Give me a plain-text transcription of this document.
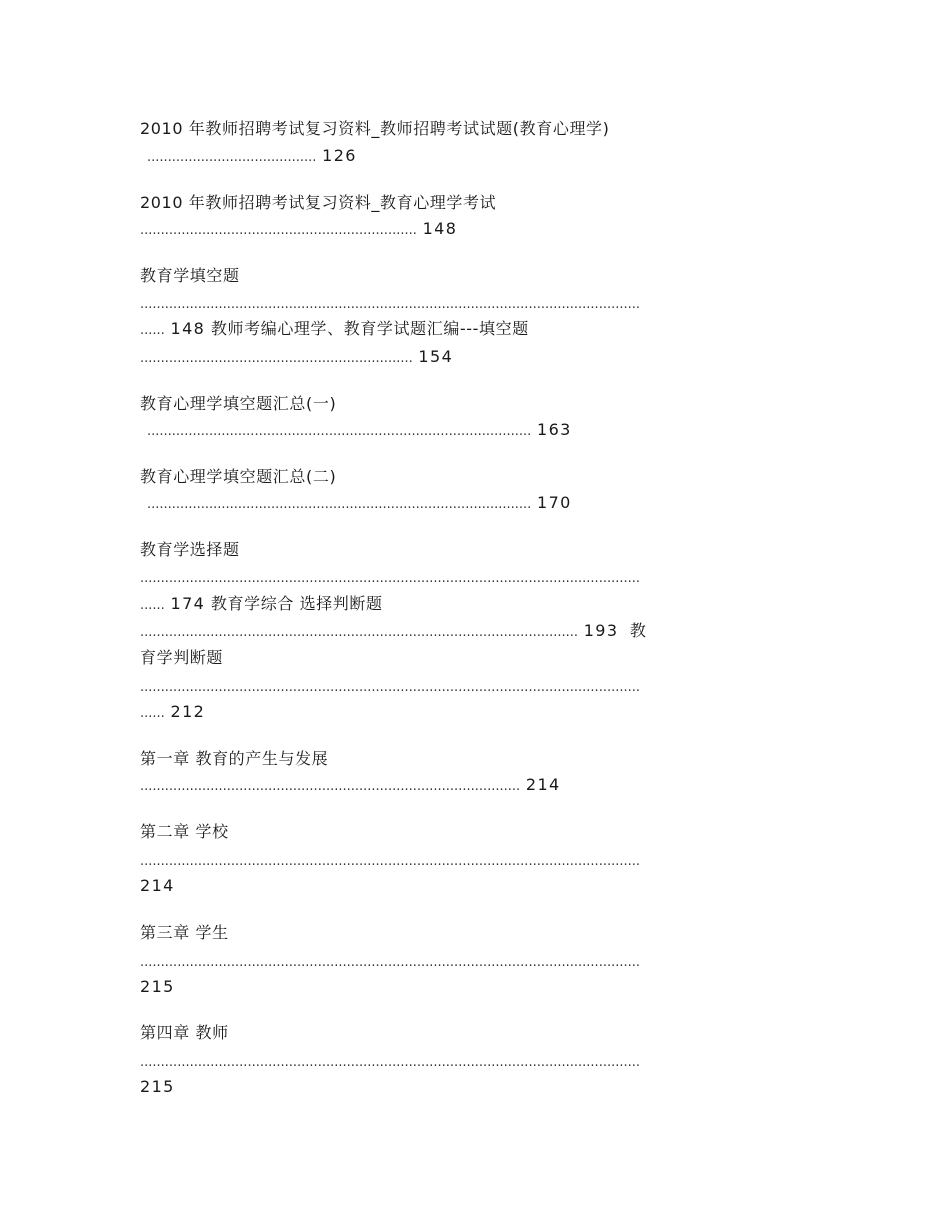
2010 年教师招聘考试复习资料_教师招聘考试试题(教育心理学)
......................................... 126
2010 年教师招聘考试复习资料_教育心理学考试
................................................................... 148
教育学填空题
.........................................................................................................................
...... 148 教师考编心理学、教育学试题汇编---填空题
.................................................................. 154
教育心理学填空题汇总(一)
............................................................................................. 163
教育心理学填空题汇总(二)
............................................................................................. 170
教育学选择题
.........................................................................................................................
...... 174 教育学综合 选择判断题
.......................................................................................................... 193 教
育学判断题
.........................................................................................................................
...... 212
第一章 教育的产生与发展
............................................................................................ 214
第二章 学校
.........................................................................................................................
214
第三章 学生
.........................................................................................................................
215
第四章 教师
.........................................................................................................................
215
